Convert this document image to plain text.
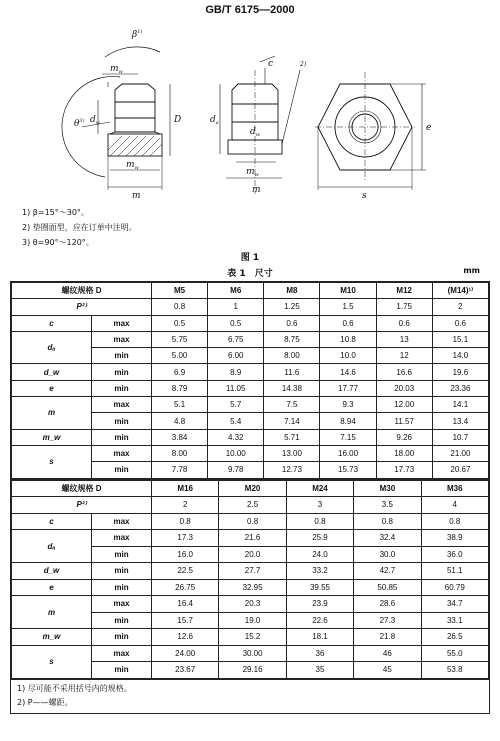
GB/T 6175—2000
$\beta^{1)}$
$\theta^{3)}$
$m_w$
$d_w$	D
$m_w$
m
c	2)
$d_a$
$d_w$
$m_w$
m
e
s
1) β=15°～30°。
2) 垫圈面型，应在订单中注明。
3) θ=90°～120°。
图 1
表 1　尺寸	mm
螺纹规格 D		M5	M6	M8	M10	M12	(M14)¹⁾
P²⁾		0.8	1	1.25	1.5	1.75	2
c	max	0.5	0.5	0.6	0.6	0.6	0.6
dₐ	max	5.75	6.75	8.75	10.8	13	15.1
	min	5.00	6.00	8.00	10.0	12	14.0
d_w	min	6.9	8.9	11.6	14.6	16.6	19.6
e	min	8.79	11.05	14.38	17.77	20.03	23.36
m	max	5.1	5.7	7.5	9.3	12.00	14.1
	min	4.8	5.4	7.14	8.94	11.57	13.4
m_w	min	3.84	4.32	5.71	7.15	9.26	10.7
s	max	8.00	10.00	13.00	16.00	18.00	21.00
	min	7.78	9.78	12.73	15.73	17.73	20.67
螺纹规格 D		M16	M20	M24	M30	M36
P²⁾		2	2.5	3	3.5	4
c	max	0.8	0.8	0.8	0.8	0.8
dₐ	max	17.3	21.6	25.9	32.4	38.9
	min	16.0	20.0	24.0	30.0	36.0
d_w	min	22.5	27.7	33.2	42.7	51.1
e	min	26.75	32.95	39.55	50.85	60.79
m	max	16.4	20.3	23.9	28.6	34.7
	min	15.7	19.0	22.6	27.3	33.1
m_w	min	12.6	15.2	18.1	21.8	26.5
s	max	24.00	30.00	36	46	55.0
	min	23.67	29.16	35	45	53.8
1) 尽可能不采用括号内的规格。
2) P——螺距。
